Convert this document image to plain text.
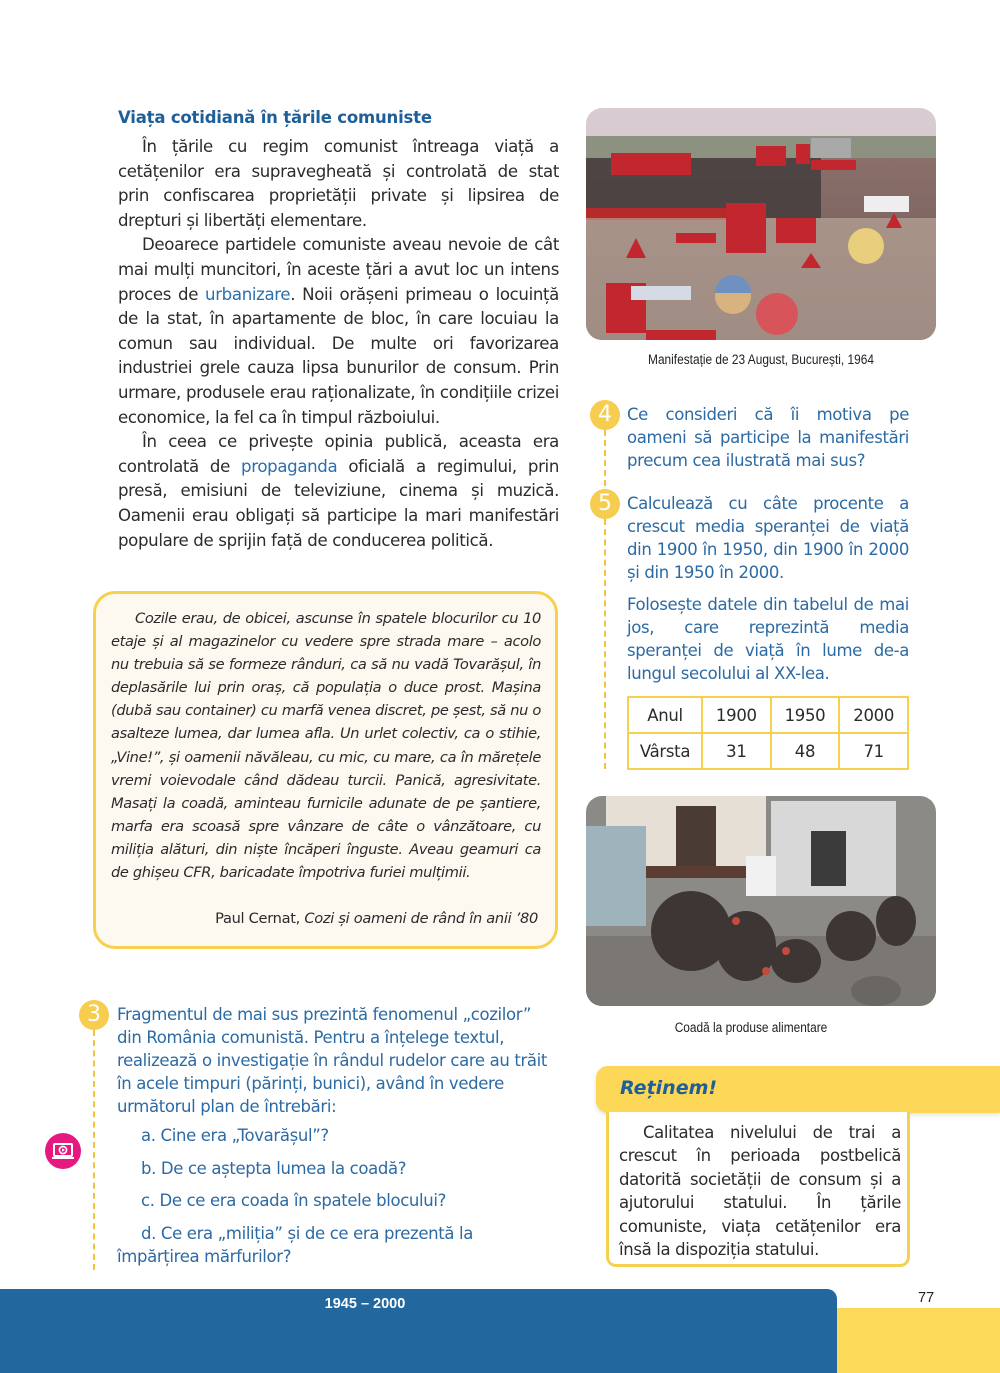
Viața cotidiană în țările comuniste

În țările cu regim comunist întreaga viață a cetățenilor era supravegheată și controlată de stat prin confiscarea proprietății private și lipsirea de drepturi și libertăți elementare.

Deoarece partidele comuniste aveau nevoie de cât mai mulți muncitori, în aceste țări a avut loc un intens proces de urbanizare. Noii orășeni primeau o locuință de la stat, în apartamente de bloc, în care locuiau la comun sau individual. De multe ori favorizarea industriei grele cauza lipsa bunurilor de consum. Prin urmare, produsele erau raționalizate, în condițiile crizei economice, la fel ca în timpul războiului.

În ceea ce privește opinia publică, aceasta era controlată de propaganda oficială a regimului, prin presă, emisiuni de televiziune, cinema și muzică. Oamenii erau obligați să participe la mari manifestări populare de sprijin față de conducerea politică.

Cozile erau, de obicei, ascunse în spatele blocurilor cu 10 etaje și al magazinelor cu vedere spre strada mare – acolo nu trebuia să se formeze rânduri, ca să nu vadă Tovarășul, în deplasările lui prin oraș, că populația o duce prost. Mașina (dubă sau container) cu marfă venea discret, pe șest, să nu o asalteze lumea, dar lumea afla. Un urlet colectiv, ca o stihie, „Vine!”, și oamenii năvăleau, cu mic, cu mare, ca în mărețele vremi voievodale când dădeau turcii. Panică, agresivitate. Masați la coadă, aminteau furnicile adunate de pe șantiere, marfa era scoasă spre vânzare de câte o vânzătoare, cu miliția alături, din niște încăperi înguste. Aveau geamuri ca de ghișeu CFR, baricadate împotriva furiei mulțimii.
Paul Cernat, Cozi și oameni de rând în anii ’80
3 Fragmentul de mai sus prezintă fenomenul „cozilor” din România comunistă. Pentru a înțelege textul, realizează o investigație în rândul rudelor care au trăit în acele timpuri (părinți, bunici), având în vedere următorul plan de întrebări:
a. Cine era „Tovarășul”?
b. De ce aștepta lumea la coadă?
c. De ce era coada în spatele blocului?
d. Ce era „miliția” și de ce era prezentă la împărțirea mărfurilor?
Manifestație de 23 August, București, 1964
4 Ce consideri că îi motiva pe oameni să participe la manifestări precum cea ilustrată mai sus?
5 Calculează cu câte procente a crescut media speranței de viață din 1900 în 1950, din 1900 în 2000 și din 1950 în 2000.
Folosește datele din tabelul de mai jos, care reprezintă media speranței de viață în lume de-a lungul secolului al XX-lea.
Anul	1900	1950	2000
Vârsta	31	48	71
Coadă la produse alimentare
Reținem!
Calitatea nivelului de trai a crescut în perioada postbelică datorită societății de consum și a ajutorului statului. În țările comuniste, viața cetățenilor era însă la dispoziția statului.
1945 – 2000	77
